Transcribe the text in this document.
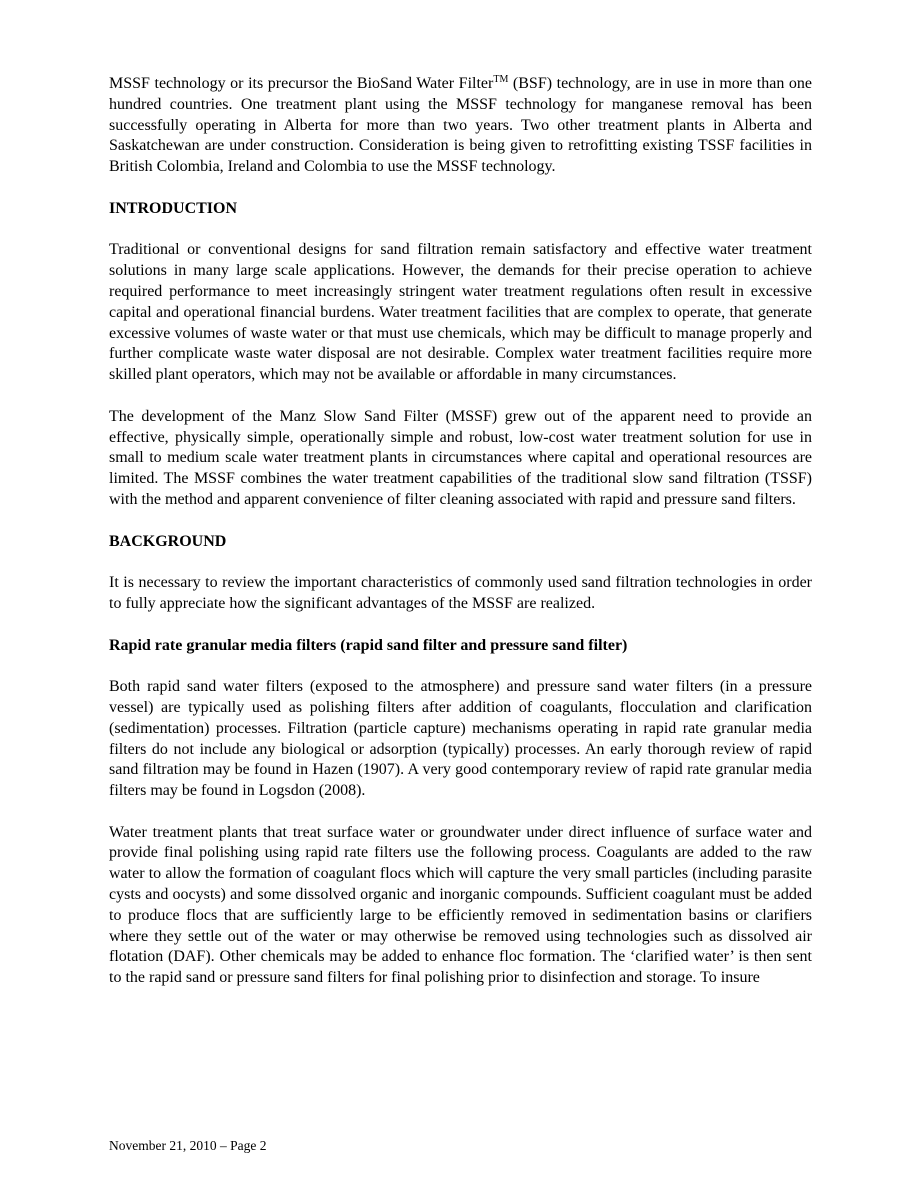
MSSF technology or its precursor the BioSand Water Filter™ (BSF) technology, are in use in more than one hundred countries. One treatment plant using the MSSF technology for manganese removal has been successfully operating in Alberta for more than two years. Two other treatment plants in Alberta and Saskatchewan are under construction. Consideration is being given to retrofitting existing TSSF facilities in British Colombia, Ireland and Colombia to use the MSSF technology.

INTRODUCTION

Traditional or conventional designs for sand filtration remain satisfactory and effective water treatment solutions in many large scale applications. However, the demands for their precise operation to achieve required performance to meet increasingly stringent water treatment regulations often result in excessive capital and operational financial burdens. Water treatment facilities that are complex to operate, that generate excessive volumes of waste water or that must use chemicals, which may be difficult to manage properly and further complicate waste water disposal are not desirable. Complex water treatment facilities require more skilled plant operators, which may not be available or affordable in many circumstances.

The development of the Manz Slow Sand Filter (MSSF) grew out of the apparent need to provide an effective, physically simple, operationally simple and robust, low-cost water treatment solution for use in small to medium scale water treatment plants in circumstances where capital and operational resources are limited. The MSSF combines the water treatment capabilities of the traditional slow sand filtration (TSSF) with the method and apparent convenience of filter cleaning associated with rapid and pressure sand filters.

BACKGROUND

It is necessary to review the important characteristics of commonly used sand filtration technologies in order to fully appreciate how the significant advantages of the MSSF are realized.

Rapid rate granular media filters (rapid sand filter and pressure sand filter)

Both rapid sand water filters (exposed to the atmosphere) and pressure sand water filters (in a pressure vessel) are typically used as polishing filters after addition of coagulants, flocculation and clarification (sedimentation) processes. Filtration (particle capture) mechanisms operating in rapid rate granular media filters do not include any biological or adsorption (typically) processes. An early thorough review of rapid sand filtration may be found in Hazen (1907). A very good contemporary review of rapid rate granular media filters may be found in Logsdon (2008).

Water treatment plants that treat surface water or groundwater under direct influence of surface water and provide final polishing using rapid rate filters use the following process. Coagulants are added to the raw water to allow the formation of coagulant flocs which will capture the very small particles (including parasite cysts and oocysts) and some dissolved organic and inorganic compounds. Sufficient coagulant must be added to produce flocs that are sufficiently large to be efficiently removed in sedimentation basins or clarifiers where they settle out of the water or may otherwise be removed using technologies such as dissolved air flotation (DAF). Other chemicals may be added to enhance floc formation. The ‘clarified water’ is then sent to the rapid sand or pressure sand filters for final polishing prior to disinfection and storage. To insure

November 21, 2010 – Page 2
